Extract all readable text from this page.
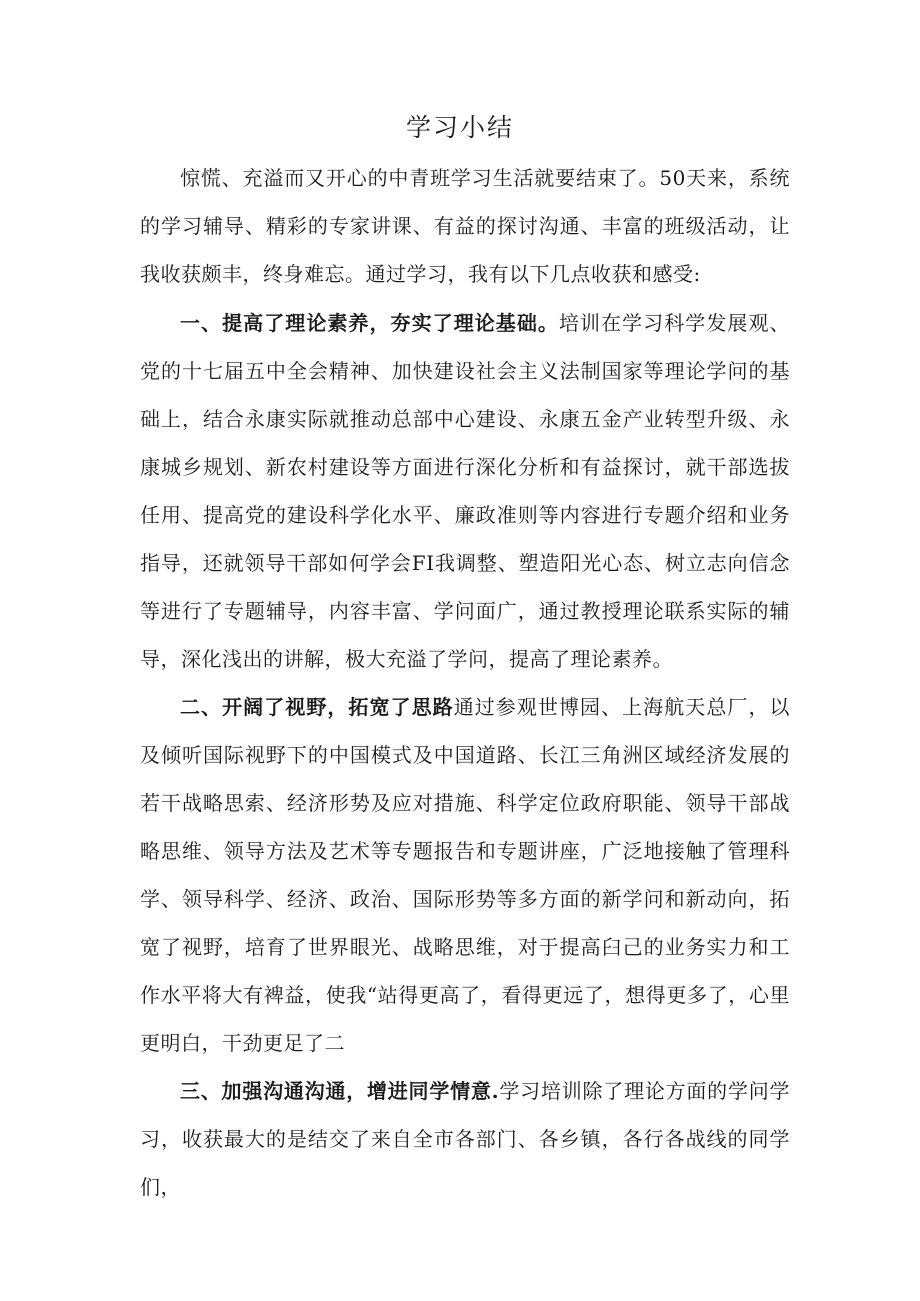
学习小结

惊慌、充溢而又开心的中青班学习生活就要结束了。50天来，系统的学习辅导、精彩的专家讲课、有益的探讨沟通、丰富的班级活动，让我收获颇丰，终身难忘。通过学习，我有以下几点收获和感受:

一、提高了理论素养，夯实了理论基础。培训在学习科学发展观、党的十七届五中全会精神、加快建设社会主义法制国家等理论学问的基础上，结合永康实际就推动总部中心建设、永康五金产业转型升级、永康城乡规划、新农村建设等方面进行深化分析和有益探讨，就干部选拔任用、提高党的建设科学化水平、廉政准则等内容进行专题介绍和业务指导，还就领导干部如何学会FI我调整、塑造阳光心态、树立志向信念等进行了专题辅导，内容丰富、学问面广，通过教授理论联系实际的辅导，深化浅出的讲解，极大充溢了学问，提高了理论素养。

二、开阔了视野，拓宽了思路通过参观世博园、上海航天总厂，以及倾听国际视野下的中国模式及中国道路、长江三角洲区域经济发展的若干战略思索、经济形势及应对措施、科学定位政府职能、领导干部战略思维、领导方法及艺术等专题报告和专题讲座，广泛地接触了管理科学、领导科学、经济、政治、国际形势等多方面的新学问和新动向，拓宽了视野，培育了世界眼光、战略思维，对于提高臼己的业务实力和工作水平将大有裨益，使我“站得更高了，看得更远了，想得更多了，心里更明白，干劲更足了二

三、加强沟通沟通，增进同学情意.学习培训除了理论方面的学问学习，收获最大的是结交了来自全市各部门、各乡镇，各行各战线的同学们，
